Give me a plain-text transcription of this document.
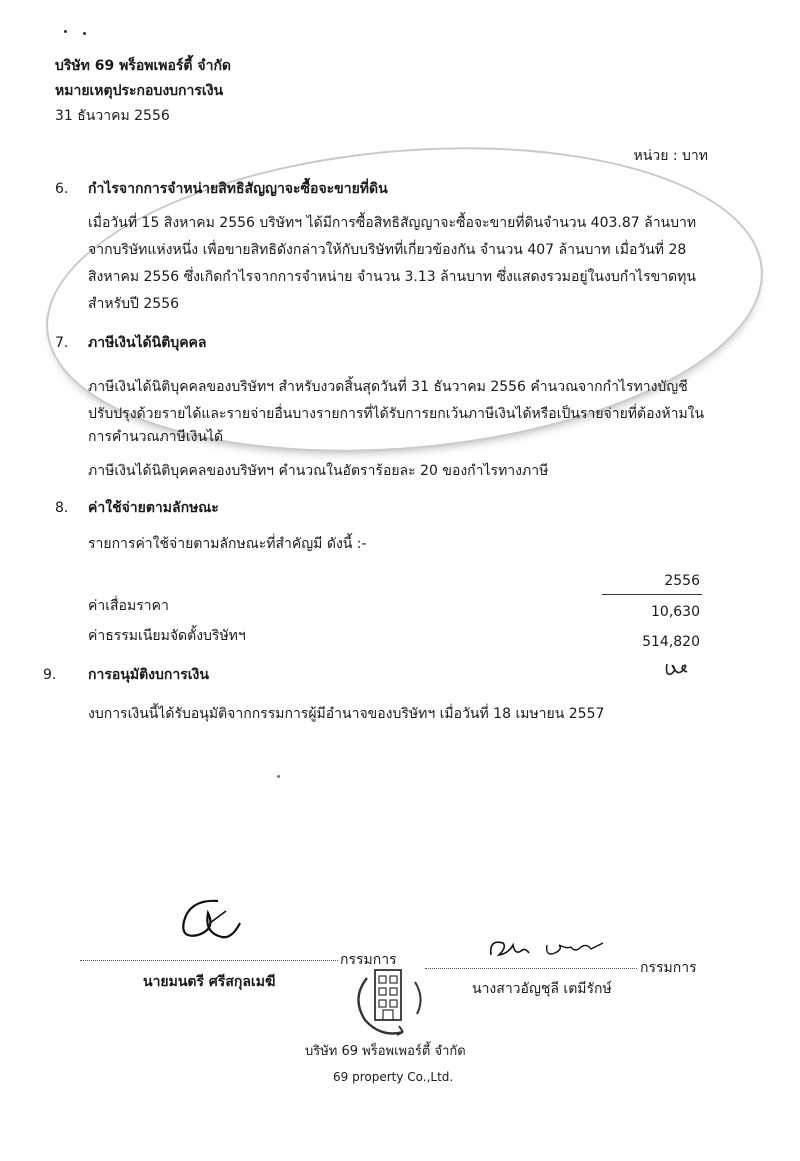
บริษัท 69 พร็อพเพอร์ตี้ จำกัด
หมายเหตุประกอบงบการเงิน
31 ธันวาคม 2556
หน่วย : บาท
6. กำไรจากการจำหน่ายสิทธิสัญญาจะซื้อจะขายที่ดิน
เมื่อวันที่ 15 สิงหาคม 2556 บริษัทฯ ได้มีการซื้อสิทธิสัญญาจะซื้อจะขายที่ดินจำนวน 403.87 ล้านบาท
จากบริษัทแห่งหนึ่ง เพื่อขายสิทธิดังกล่าวให้กับบริษัทที่เกี่ยวข้องกัน จำนวน 407 ล้านบาท เมื่อวันที่ 28
สิงหาคม 2556 ซึ่งเกิดกำไรจากการจำหน่าย จำนวน 3.13 ล้านบาท ซึ่งแสดงรวมอยู่ในงบกำไรขาดทุน
สำหรับปี 2556
7. ภาษีเงินได้นิติบุคคล
ภาษีเงินได้นิติบุคคลของบริษัทฯ สำหรับงวดสิ้นสุดวันที่ 31 ธันวาคม 2556 คำนวณจากกำไรทางบัญชี
ปรับปรุงด้วยรายได้และรายจ่ายอื่นบางรายการที่ได้รับการยกเว้นภาษีเงินได้หรือเป็นรายจ่ายที่ต้องห้ามใน
การคำนวณภาษีเงินได้
ภาษีเงินได้นิติบุคคลของบริษัทฯ คำนวณในอัตราร้อยละ 20 ของกำไรทางภาษี
8. ค่าใช้จ่ายตามลักษณะ
รายการค่าใช้จ่ายตามลักษณะที่สำคัญมี ดังนี้ :-
2556
ค่าเสื่อมราคา	10,630
ค่าธรรมเนียมจัดตั้งบริษัทฯ	514,820
9. การอนุมัติงบการเงิน
งบการเงินนี้ได้รับอนุมัติจากกรรมการผู้มีอำนาจของบริษัทฯ เมื่อวันที่ 18 เมษายน 2557
กรรมการ
นายมนตรี ศรีสกุลเมฆี
กรรมการ
นางสาวอัญชุลี เตมีรักษ์
บริษัท 69 พร็อพเพอร์ตี้ จำกัด
69 property Co.,Ltd.
